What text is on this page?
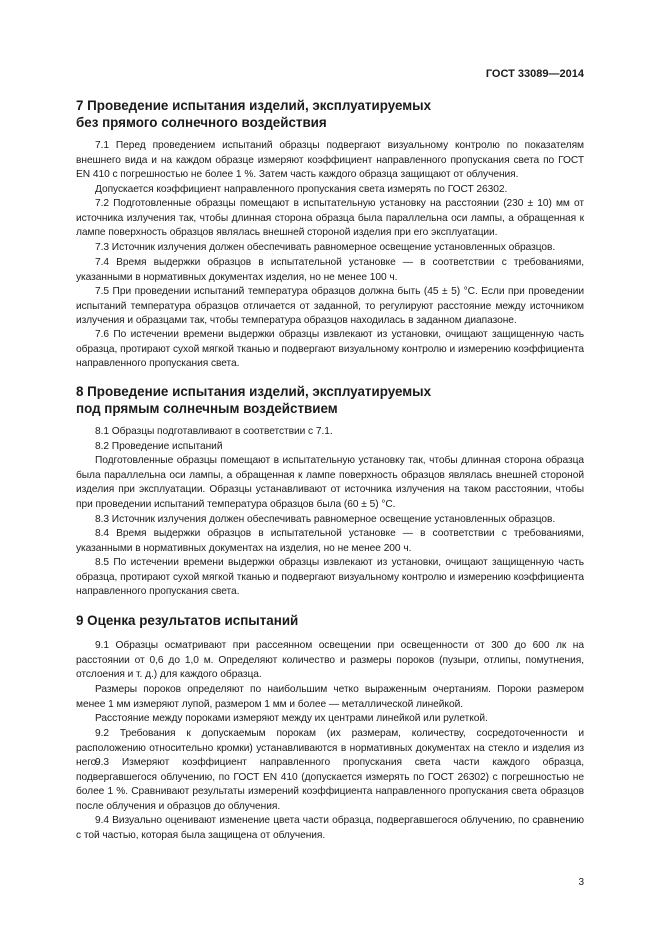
ГОСТ 33089—2014
7 Проведение испытания изделий, эксплуатируемых
без прямого солнечного воздействия

7.1 Перед проведением испытаний образцы подвергают визуальному контролю по показателям внешнего вида и на каждом образце измеряют коэффициент направленного пропускания света по ГОСТ EN 410 с погрешностью не более 1 %. Затем часть каждого образца защищают от облучения.

Допускается коэффициент направленного пропускания света измерять по ГОСТ 26302.

7.2 Подготовленные образцы помещают в испытательную установку на расстоянии (230 ± 10) мм от источника излучения так, чтобы длинная сторона образца была параллельна оси лампы, а обращенная к лампе поверхность образцов являлась внешней стороной изделия при его эксплуатации.

7.3 Источник излучения должен обеспечивать равномерное освещение установленных образцов.

7.4 Время выдержки образцов в испытательной установке — в соответствии с требованиями, указанными в нормативных документах изделия, но не менее 100 ч.

7.5 При проведении испытаний температура образцов должна быть (45 ± 5) °С. Если при проведении испытаний температура образцов отличается от заданной, то регулируют расстояние между источником излучения и образцами так, чтобы температура образцов находилась в заданном диапазоне.

7.6 По истечении времени выдержки образцы извлекают из установки, очищают защищенную часть образца, протирают сухой мягкой тканью и подвергают визуальному контролю и измерению коэффициента направленного пропускания света.

8 Проведение испытания изделий, эксплуатируемых
под прямым солнечным воздействием

8.1 Образцы подготавливают в соответствии с 7.1.

8.2 Проведение испытаний

Подготовленные образцы помещают в испытательную установку так, чтобы длинная сторона образца была параллельна оси лампы, а обращенная к лампе поверхность образцов являлась внешней стороной изделия при эксплуатации. Образцы устанавливают от источника излучения на таком расстоянии, чтобы при проведении испытаний температура образцов была (60 ± 5) °С.

8.3 Источник излучения должен обеспечивать равномерное освещение установленных образцов.

8.4 Время выдержки образцов в испытательной установке — в соответствии с требованиями, указанными в нормативных документах на изделия, но не менее 200 ч.

8.5 По истечении времени выдержки образцы извлекают из установки, очищают защищенную часть образца, протирают сухой мягкой тканью и подвергают визуальному контролю и измерению коэффициента направленного пропускания света.

9 Оценка результатов испытаний

9.1 Образцы осматривают при рассеянном освещении при освещенности от 300 до 600 лк на расстоянии от 0,6 до 1,0 м. Определяют количество и размеры пороков (пузыри, отлипы, помутнения, отслоения и т. д.) для каждого образца.

Размеры пороков определяют по наибольшим четко выраженным очертаниям. Пороки размером менее 1 мм измеряют лупой, размером 1 мм и более — металлической линейкой.

Расстояние между пороками измеряют между их центрами линейкой или рулеткой.

9.2 Требования к допускаемым порокам (их размерам, количеству, сосредоточенности и расположению относительно кромки) устанавливаются в нормативных документах на стекло и изделия из него.

9.3 Измеряют коэффициент направленного пропускания света части каждого образца, подвергавшегося облучению, по ГОСТ EN 410 (допускается измерять по ГОСТ 26302) с погрешностью не более 1 %. Сравнивают результаты измерений коэффициента направленного пропускания света образцов после облучения и образцов до облучения.

9.4 Визуально оценивают изменение цвета части образца, подвергавшегося облучению, по сравнению с той частью, которая была защищена от облучения.

3
